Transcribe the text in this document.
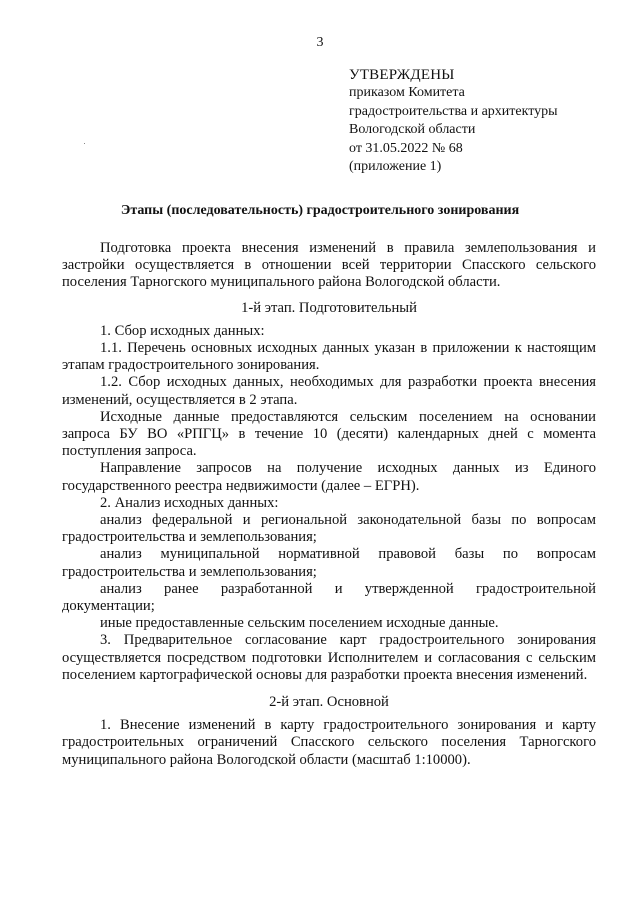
3
УТВЕРЖДЕНЫ
приказом Комитета
градостроительства и архитектуры
Вологодской области
от 31.05.2022 № 68
(приложение 1)
Этапы (последовательность) градостроительного зонирования

Подготовка проекта внесения изменений в правила землепользования и застройки осуществляется в отношении всей территории Спасского сельского поселения Тарногского муниципального района Вологодской области.

1-й этап. Подготовительный

1. Сбор исходных данных:

1.1. Перечень основных исходных данных указан в приложении к настоящим этапам градостроительного зонирования.

1.2. Сбор исходных данных, необходимых для разработки проекта внесения изменений, осуществляется в 2 этапа.

Исходные данные предоставляются сельским поселением на основании запроса БУ ВО «РПГЦ» в течение 10 (десяти) календарных дней с момента поступления запроса.

Направление запросов на получение исходных данных из Единого государственного реестра недвижимости (далее – ЕГРН).

2. Анализ исходных данных:

анализ федеральной и региональной законодательной базы по вопросам градостроительства и землепользования;

анализ муниципальной нормативной правовой базы по вопросам градостроительства и землепользования;

анализ ранее разработанной и утвержденной градостроительной документации;

иные предоставленные сельским поселением исходные данные.

3. Предварительное согласование карт градостроительного зонирования осуществляется посредством подготовки Исполнителем и согласования с сельским поселением картографической основы для разработки проекта внесения изменений.

2-й этап. Основной

1. Внесение изменений в карту градостроительного зонирования и карту градостроительных ограничений Спасского сельского поселения Тарногского муниципального района Вологодской области (масштаб 1:10000).
